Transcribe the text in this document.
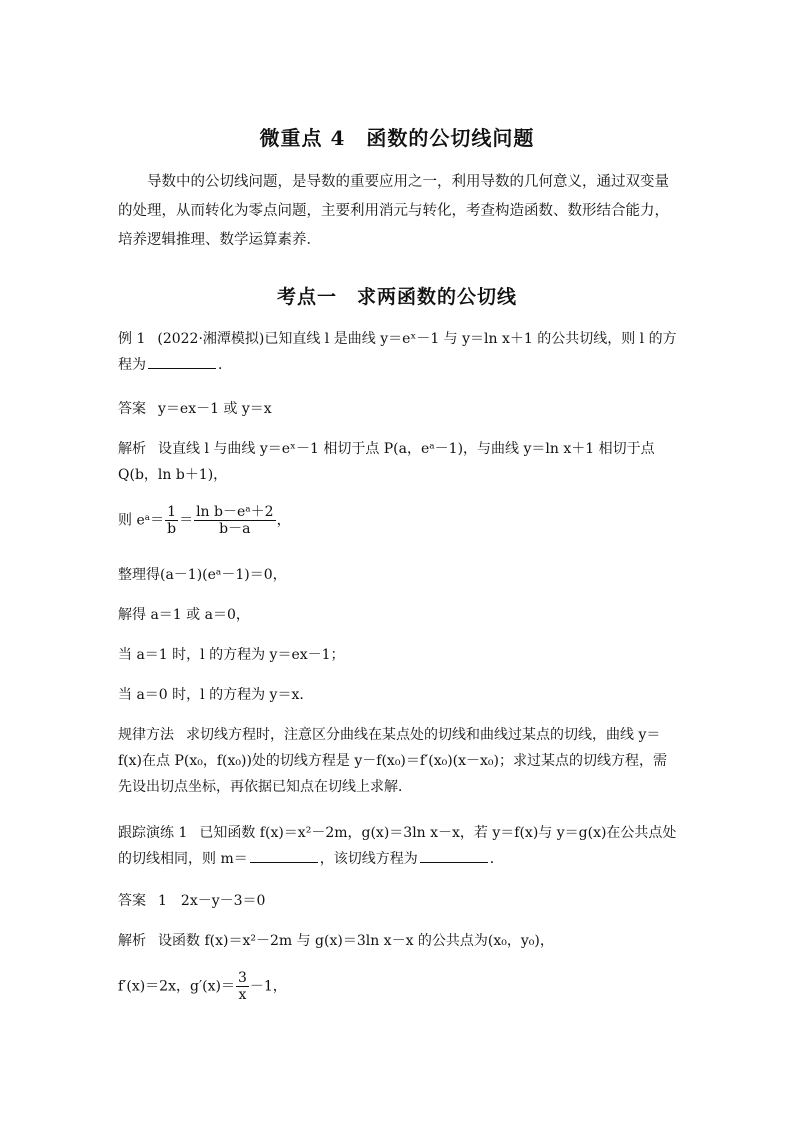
微重点 4　函数的公切线问题

导数中的公切线问题，是导数的重要应用之一，利用导数的几何意义，通过双变量的处理，从而转化为零点问题，主要利用消元与转化，考查构造函数、数形结合能力，培养逻辑推理、数学运算素养．

考点一　求两函数的公切线

例 1 (2022·湘潭模拟)已知直线 l 是曲线 y＝eˣ－1 与 y＝ln x＋1 的公共切线，则 l 的方程为	．

答案 y＝ex－1 或 y＝x

解析 设直线 l 与曲线 y＝eˣ－1 相切于点 P(a，eᵃ－1)，与曲线 y＝ln x＋1 相切于点 Q(b，ln b＋1)，

则 eᵃ＝ $\frac{1}{b} = \frac{\text{ln b－eᵃ＋2}}{b-a}$ ，

整理得(a－1)(eᵃ－1)＝0，

解得 a＝1 或 a＝0，

当 a＝1 时，l 的方程为 y＝ex－1；

当 a＝0 时，l 的方程为 y＝x.

规律方法 求切线方程时，注意区分曲线在某点处的切线和曲线过某点的切线，曲线 y＝f(x)在点 P(x₀，f(x₀))处的切线方程是 y－f(x₀)＝f′(x₀)(x－x₀)；求过某点的切线方程，需先设出切点坐标，再依据已知点在切线上求解．

跟踪演练 1 已知函数 f(x)＝x²－2m，g(x)＝3ln x－x，若 y＝f(x)与 y＝g(x)在公共点处的切线相同，则 m＝	，该切线方程为	．

答案 1　2x－y－3＝0

解析 设函数 f(x)＝x²－2m 与 g(x)＝3ln x－x 的公共点为(x₀，y₀)，

f′(x)＝2x，$g'(x)= \frac{3}{x} -1$，
